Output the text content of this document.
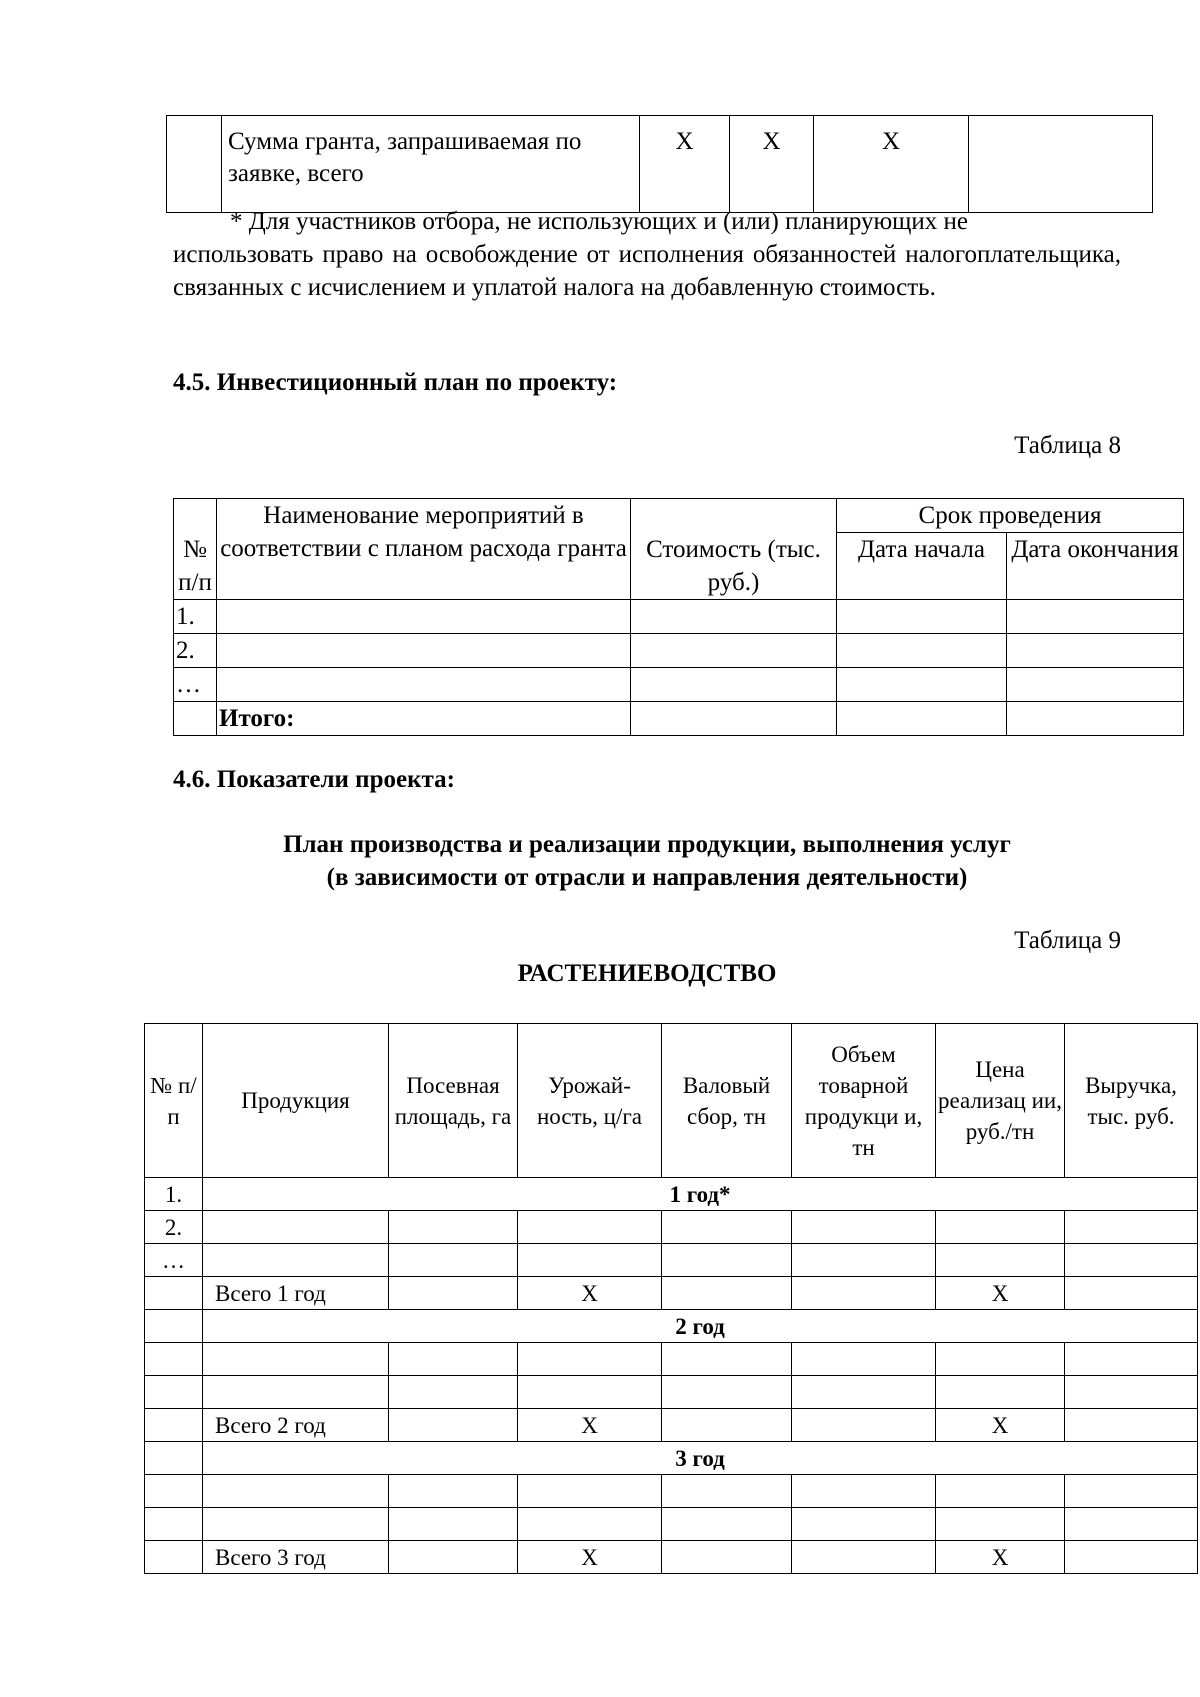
	Сумма гранта, запрашиваемая по заявке, всего	X	X	X	
* Для участников отбора, не использующих и (или) планирующих не
использовать право на освобождение от исполнения обязанностей налогоплательщика, связанных с исчислением и уплатой налога на добавленную стоимость.
4.5. Инвестиционный план по проекту:
Таблица 8
№ п/п	Наименование мероприятий в соответствии с планом расхода гранта	Стоимость (тыс. руб.)	Срок проведения	
			Дата начала	Дата окончания
1.				
2.				
…				
	Итого:			
4.6. Показатели проекта:
План производства и реализации продукции, выполнения услуг
(в зависимости от отрасли и направления деятельности)
Таблица 9
РАСТЕНИЕВОДСТВО
№ п/п	Продукция	Посевная площадь, га	Урожай-ность, ц/га	Валовый сбор, тн	Объем товарной продукци и, тн	Цена реализац ии, руб./тн	Выручка, тыс. руб.
1.	1 год*						
2.							
…							
	Всего 1 год		X			X	
	2 год						

	Всего 2 год		X			X	
	3 год						

	Всего 3 год		X			X	
